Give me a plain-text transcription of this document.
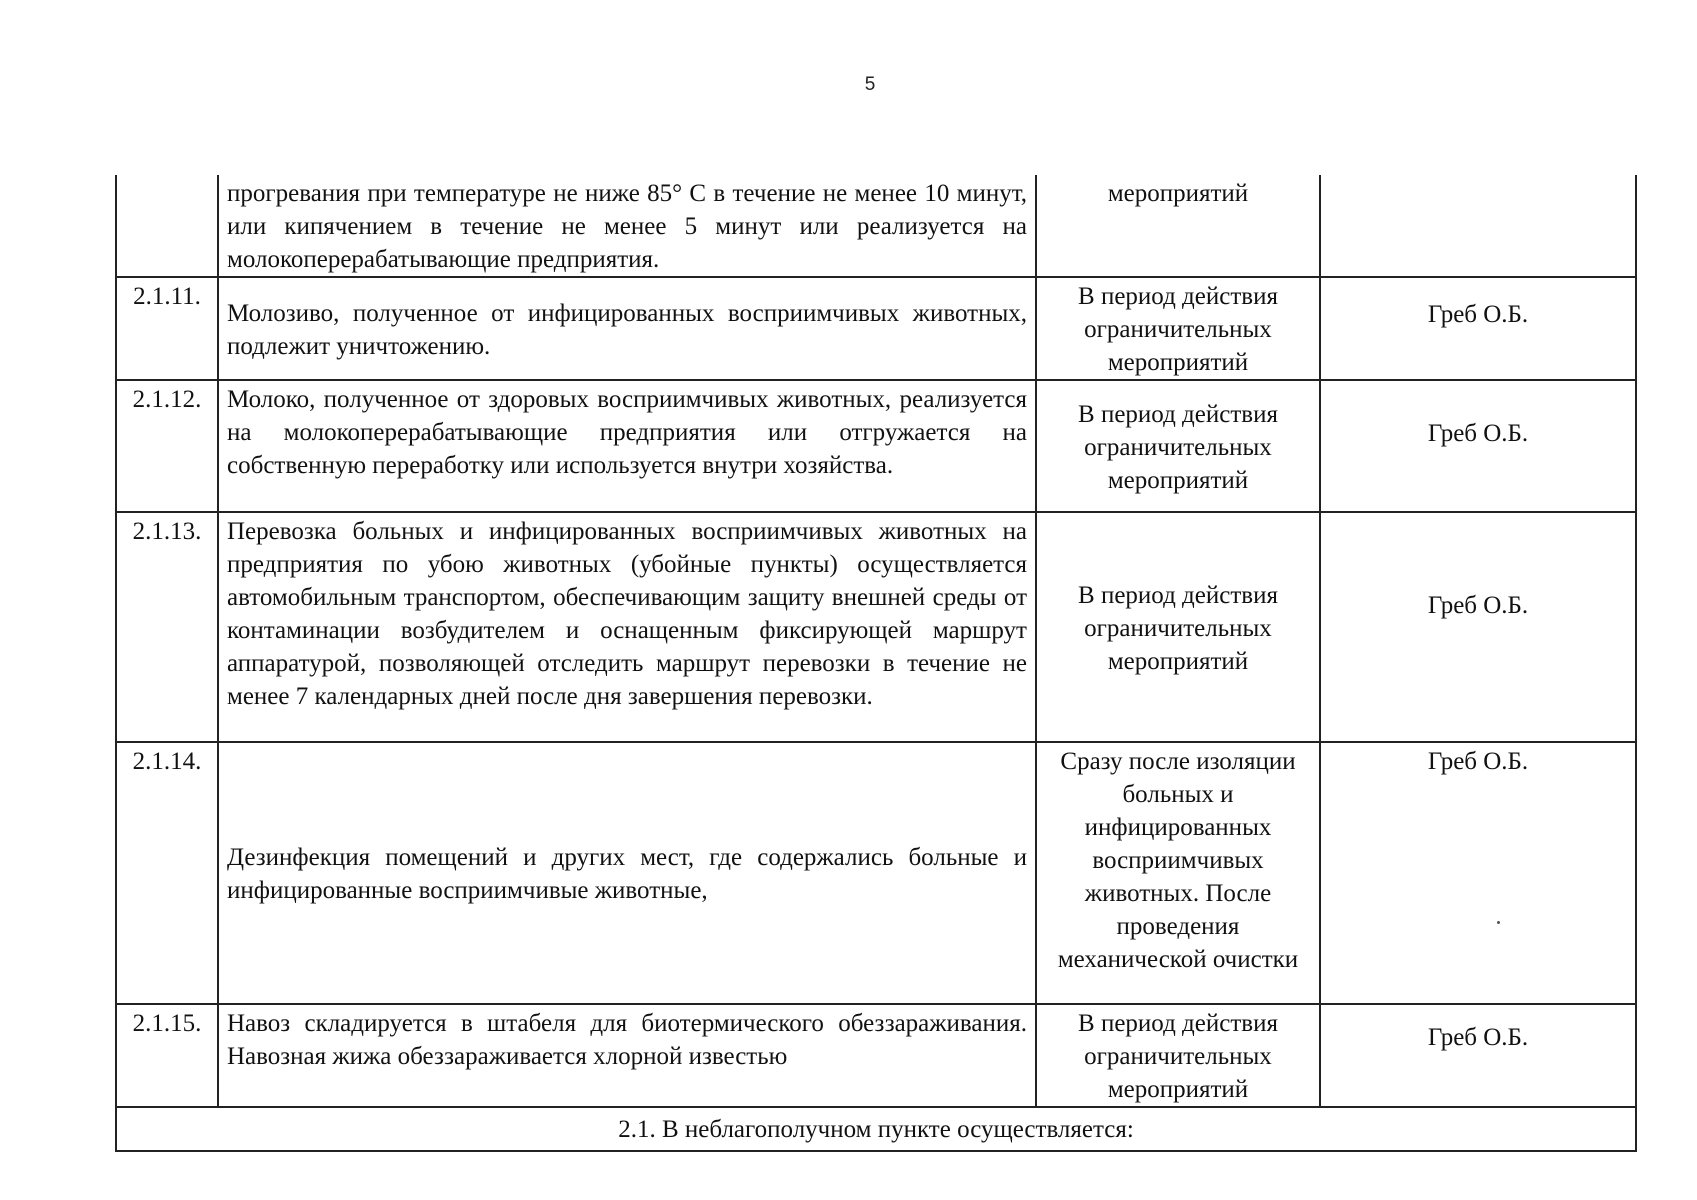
5
	прогревания при температуре не ниже 85° С в течение не менее 10 минут, или кипячением в течение не менее 5 минут или реализуется на молокоперерабатывающие предприятия.	мероприятий	
2.1.11.	Молозиво, полученное от инфицированных восприимчивых животных, подлежит уничтожению.	В период действия ограничительных мероприятий	Греб О.Б.
2.1.12.	Молоко, полученное от здоровых восприимчивых животных, реализуется на молокоперерабатывающие предприятия или отгружается на собственную переработку или используется внутри хозяйства.	В период действия ограничительных мероприятий	Греб О.Б.
2.1.13.	Перевозка больных и инфицированных восприимчивых животных на предприятия по убою животных (убойные пункты) осуществляется автомобильным транспортом, обеспечивающим защиту внешней среды от контаминации возбудителем и оснащенным фиксирующей маршрут аппаратурой, позволяющей отследить маршрут перевозки в течение не менее 7 календарных дней после дня завершения перевозки.	В период действия ограничительных мероприятий	Греб О.Б.
2.1.14.	Дезинфекция помещений и других мест, где содержались больные и инфицированные восприимчивые животные,	Сразу после изоляции больных и инфицированных восприимчивых животных. После проведения механической очистки	Греб О.Б.
2.1.15.	Навоз складируется в штабеля для биотермического обеззараживания. Навозная жижа обеззараживается хлорной известью	В период действия ограничительных мероприятий	Греб О.Б.
2.1. В неблагополучном пункте осуществляется:			
